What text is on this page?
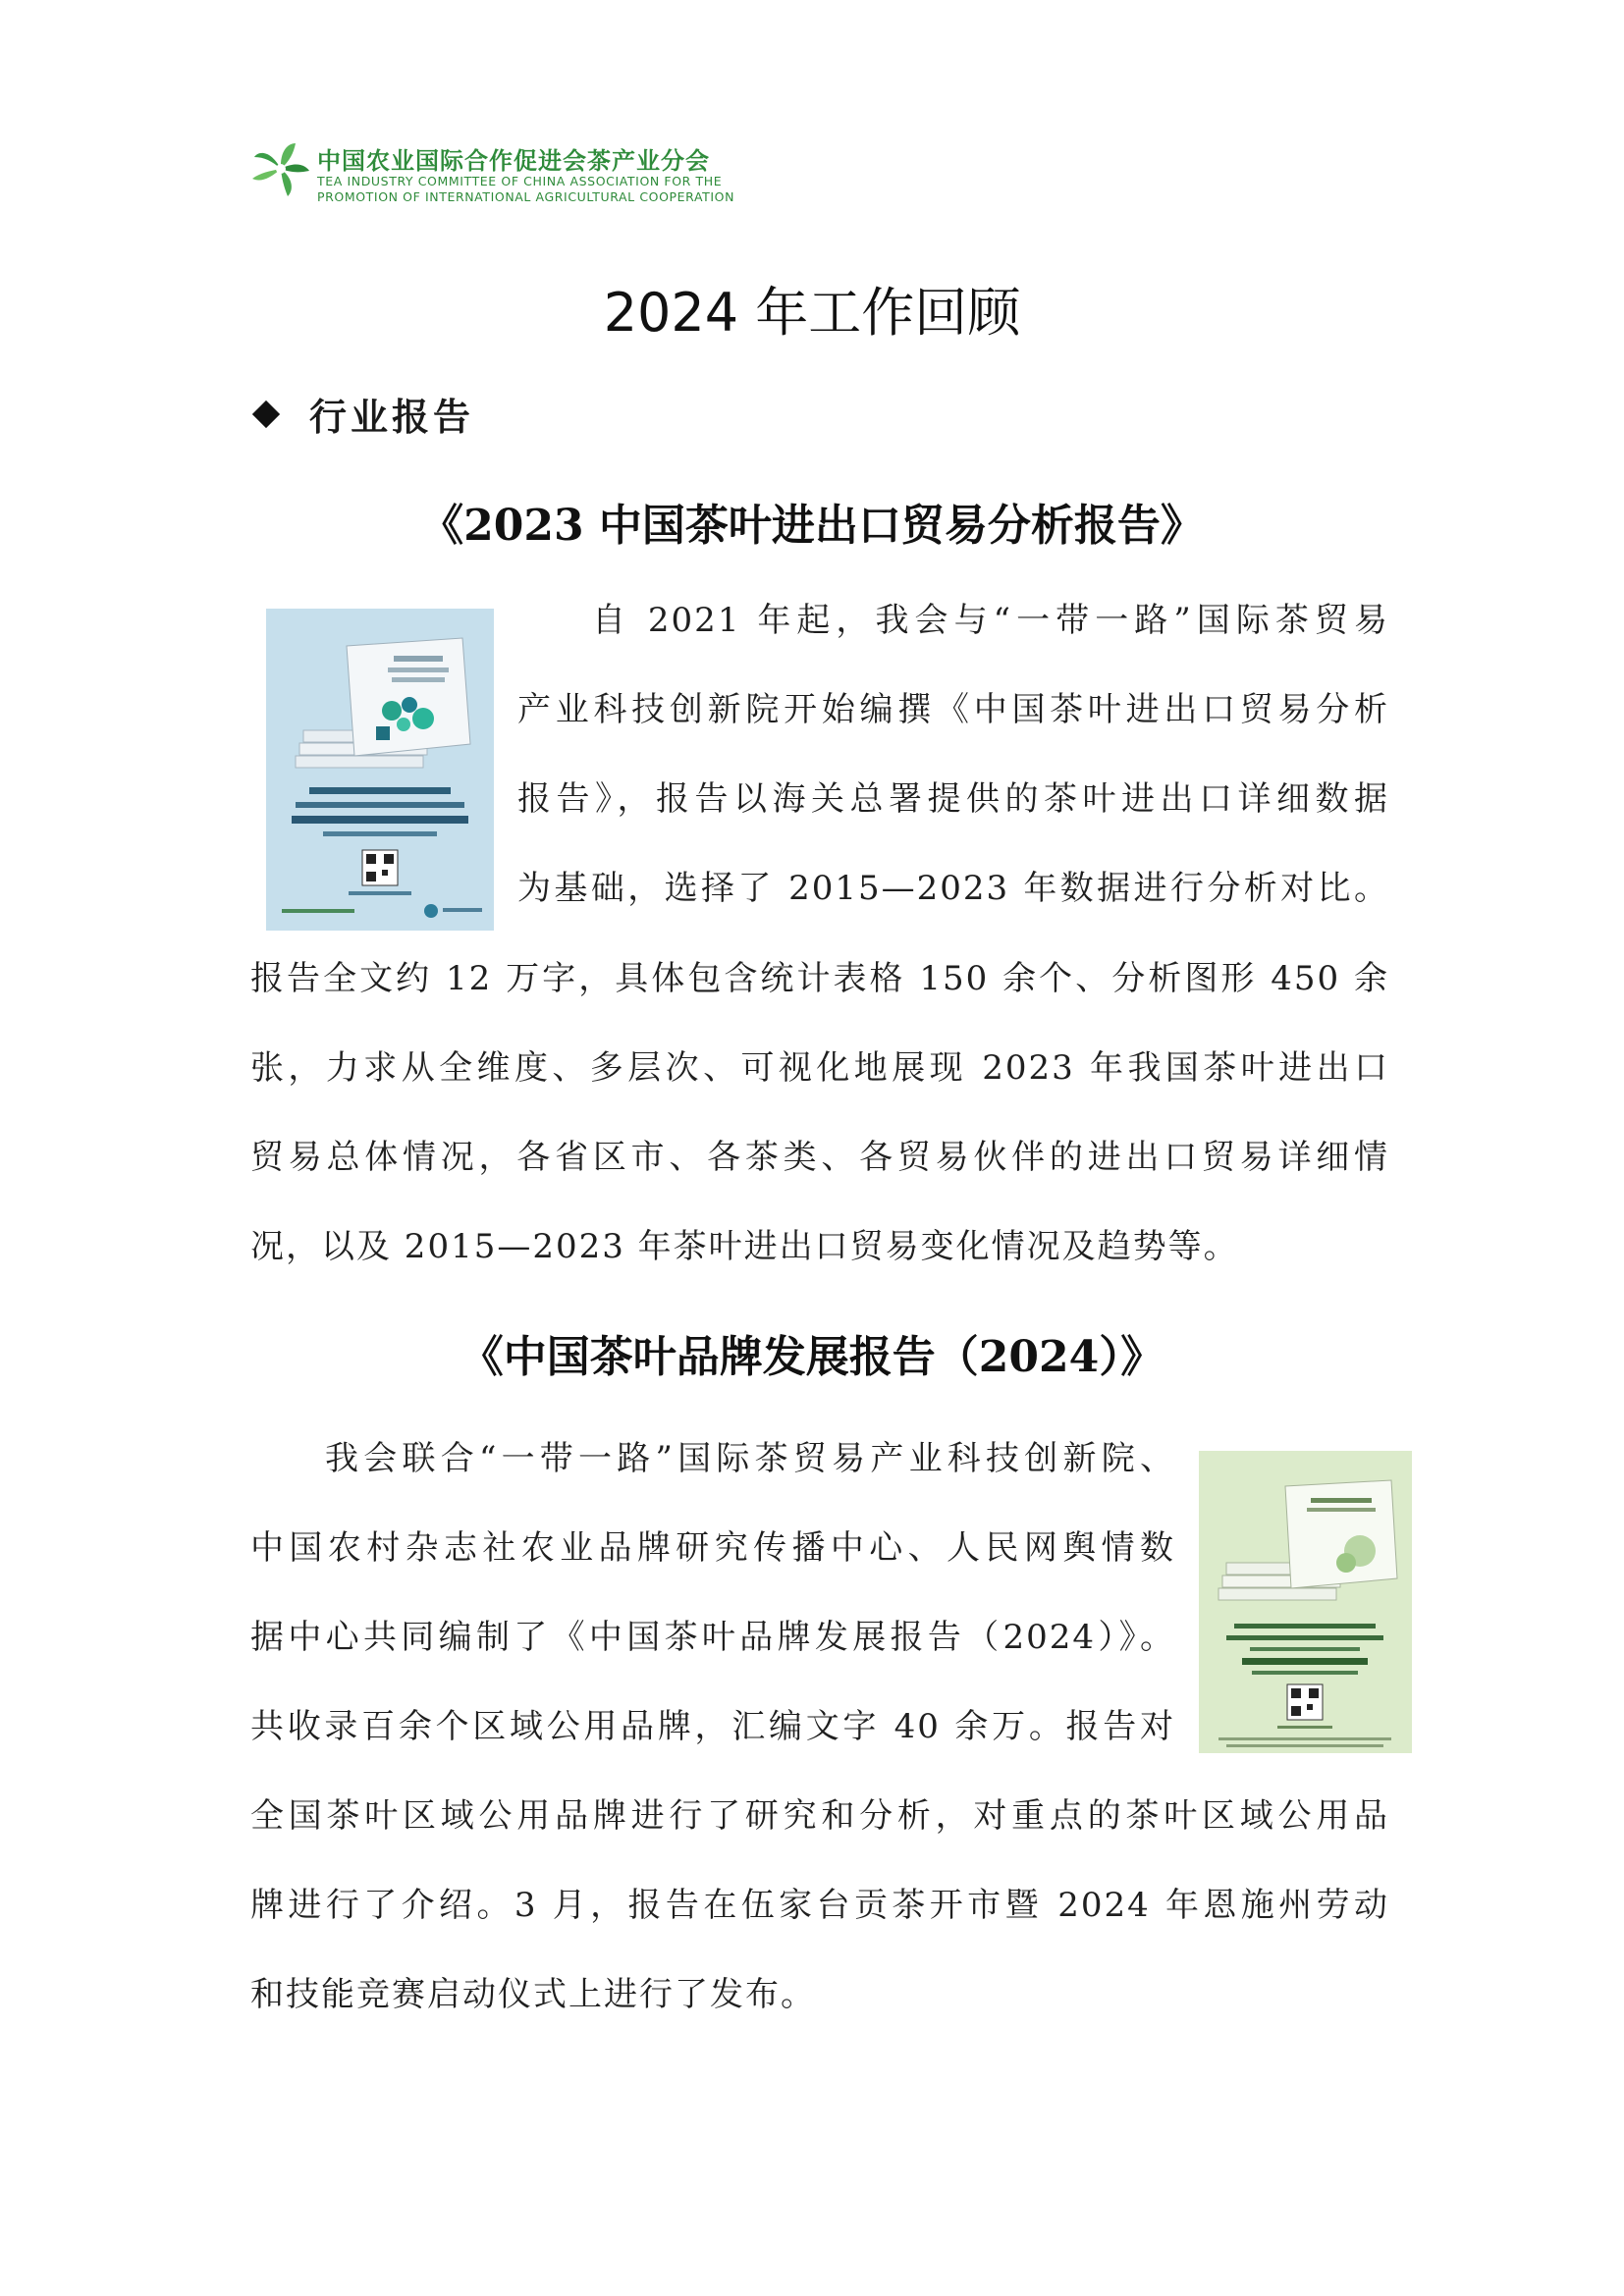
中国农业国际合作促进会茶产业分会
TEA INDUSTRY COMMITTEE OF CHINA ASSOCIATION FOR THE
PROMOTION OF INTERNATIONAL AGRICULTURAL COOPERATION
2024 年工作回顾
行业报告
《2023 中国茶叶进出口贸易分析报告》
自 2021 年起，我会与“一带一路”国际茶贸易
产业科技创新院开始编撰《中国茶叶进出口贸易分析
报告》，报告以海关总署提供的茶叶进出口详细数据
为基础，选择了 2015—2023 年数据进行分析对比。
报告全文约 12 万字，具体包含统计表格 150 余个、分析图形 450 余
张，力求从全维度、多层次、可视化地展现 2023 年我国茶叶进出口
贸易总体情况，各省区市、各茶类、各贸易伙伴的进出口贸易详细情
况，以及 2015—2023 年茶叶进出口贸易变化情况及趋势等。
《中国茶叶品牌发展报告（2024）》
我会联合“一带一路”国际茶贸易产业科技创新院、
中国农村杂志社农业品牌研究传播中心、人民网舆情数
据中心共同编制了《中国茶叶品牌发展报告（2024）》。
共收录百余个区域公用品牌，汇编文字 40 余万。报告对
全国茶叶区域公用品牌进行了研究和分析，对重点的茶叶区域公用品
牌进行了介绍。3 月，报告在伍家台贡茶开市暨 2024 年恩施州劳动
和技能竞赛启动仪式上进行了发布。
